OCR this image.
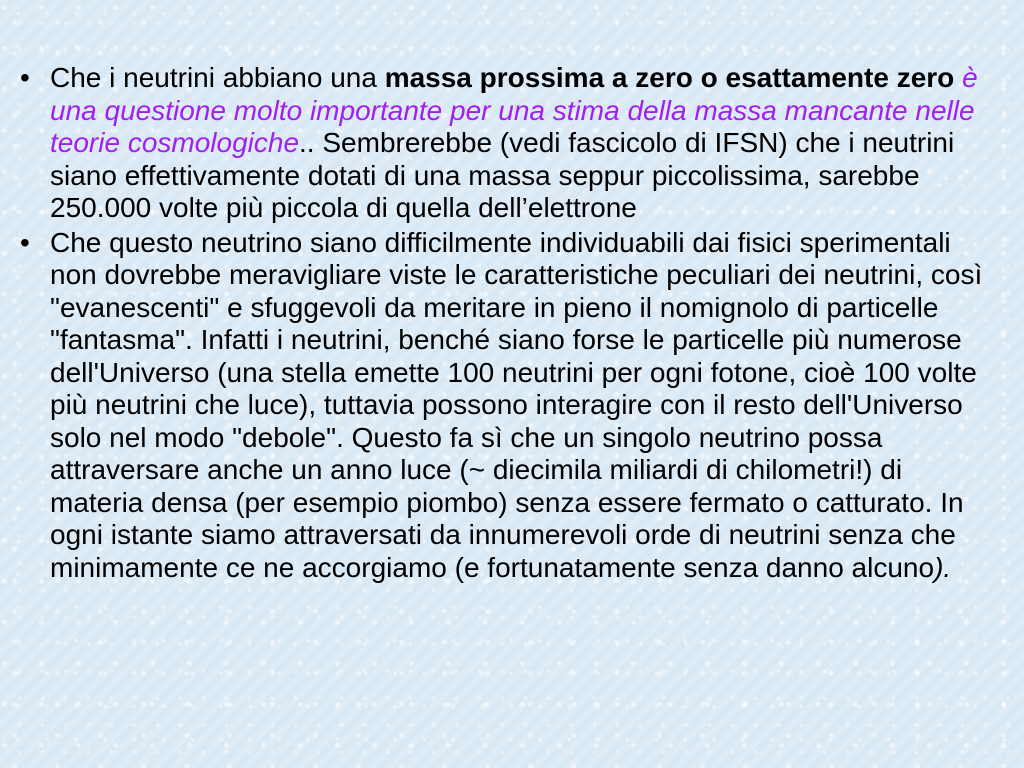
• Che i neutrini abbiano una massa prossima a zero o esattamente zero è una questione molto importante per una stima della massa mancante nelle teorie cosmologiche.. Sembrerebbe (vedi fascicolo di IFSN) che i neutrini siano effettivamente dotati di una massa seppur piccolissima, sarebbe 250.000 volte più piccola di quella dell’elettrone
• Che questo neutrino siano difficilmente individuabili dai fisici sperimentali non dovrebbe meravigliare viste le caratteristiche peculiari dei neutrini, così "evanescenti" e sfuggevoli da meritare in pieno il nomignolo di particelle "fantasma". Infatti i neutrini, benché siano forse le particelle più numerose dell'Universo (una stella emette 100 neutrini per ogni fotone, cioè 100 volte più neutrini che luce), tuttavia possono interagire con il resto dell'Universo solo nel modo "debole". Questo fa sì che un singolo neutrino possa attraversare anche un anno luce (~ diecimila miliardi di chilometri!) di materia densa (per esempio piombo) senza essere fermato o catturato. In ogni istante siamo attraversati da innumerevoli orde di neutrini senza che minimamente ce ne accorgiamo (e fortunatamente senza danno alcuno).
